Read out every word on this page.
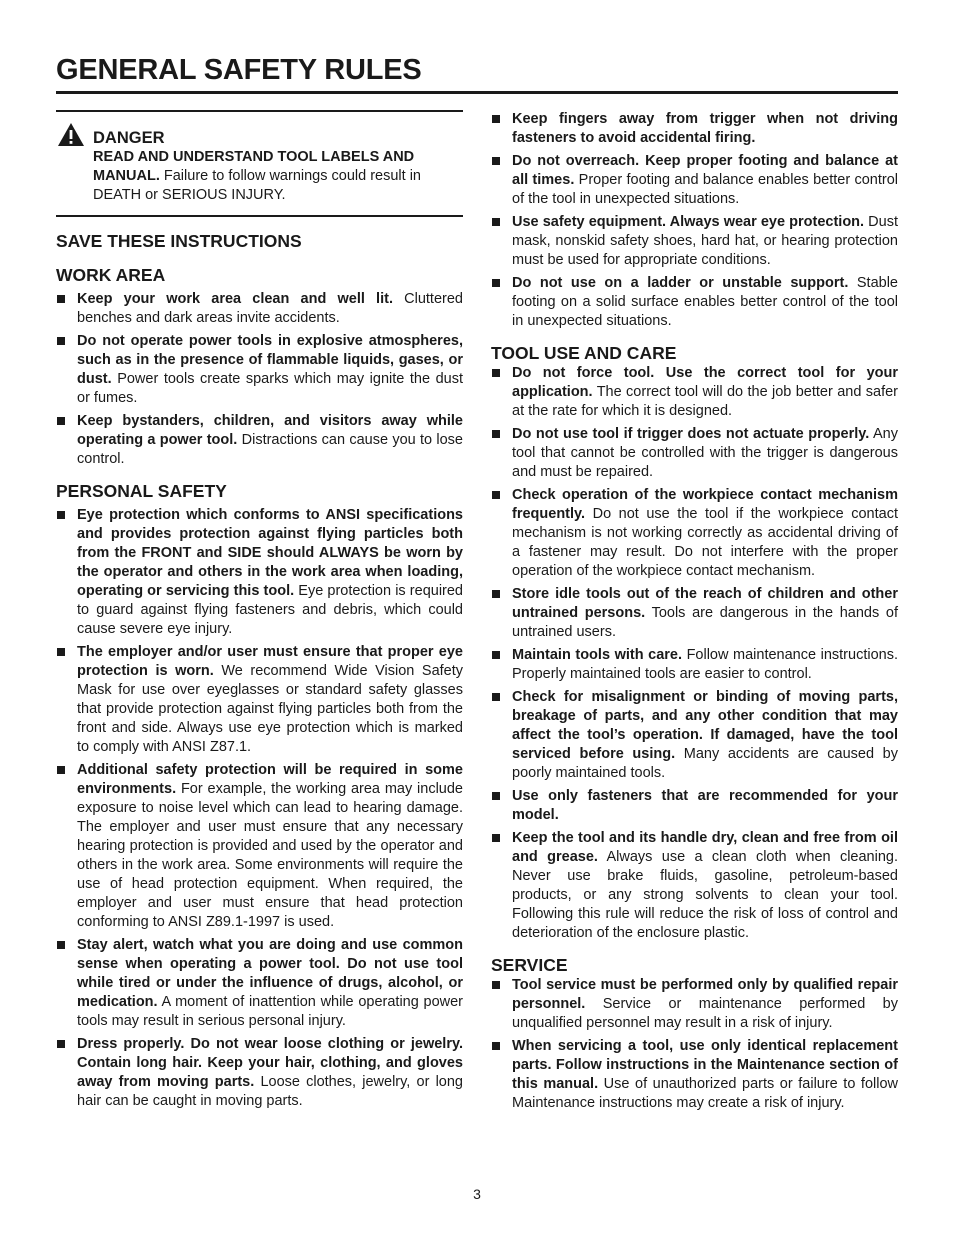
GENERAL SAFETY RULES
DANGER
READ AND UNDERSTAND TOOL LABELS AND MANUAL. Failure to follow warnings could result in DEATH or SERIOUS INJURY.
SAVE THESE INSTRUCTIONS
WORK AREA
Keep your work area clean and well lit. Cluttered benches and dark areas invite accidents.
Do not operate power tools in explosive atmospheres, such as in the presence of flammable liquids, gases, or dust. Power tools create sparks which may ignite the dust or fumes.
Keep bystanders, children, and visitors away while operating a power tool. Distractions can cause you to lose control.
PERSONAL SAFETY
Eye protection which conforms to ANSI specifications and provides protection against flying particles both from the FRONT and SIDE should ALWAYS be worn by the operator and others in the work area when loading, operating or servicing this tool. Eye protection is required to guard against flying fasteners and debris, which could cause severe eye injury.
The employer and/or user must ensure that proper eye protection is worn. We recommend Wide Vision Safety Mask for use over eyeglasses or standard safety glasses that provide protection against flying particles both from the front and side. Always use eye protection which is marked to comply with ANSI Z87.1.
Additional safety protection will be required in some environments. For example, the working area may include exposure to noise level which can lead to hearing damage. The employer and user must ensure that any necessary hearing protection is provided and used by the operator and others in the work area. Some environments will require the use of head protection equipment. When required, the employer and user must ensure that head protection conforming to ANSI Z89.1-1997 is used.
Stay alert, watch what you are doing and use common sense when operating a power tool. Do not use tool while tired or under the influence of drugs, alcohol, or medication. A moment of inattention while operating power tools may result in serious personal injury.
Dress properly. Do not wear loose clothing or jewelry. Contain long hair. Keep your hair, clothing, and gloves away from moving parts. Loose clothes, jewelry, or long hair can be caught in moving parts.
Keep fingers away from trigger when not driving fasteners to avoid accidental firing.
Do not overreach. Keep proper footing and balance at all times. Proper footing and balance enables better control of the tool in unexpected situations.
Use safety equipment. Always wear eye protection. Dust mask, nonskid safety shoes, hard hat, or hearing protection must be used for appropriate conditions.
Do not use on a ladder or unstable support. Stable footing on a solid surface enables better control of the tool in unexpected situations.
TOOL USE AND CARE
Do not force tool. Use the correct tool for your application. The correct tool will do the job better and safer at the rate for which it is designed.
Do not use tool if trigger does not actuate properly. Any tool that cannot be controlled with the trigger is dangerous and must be repaired.
Check operation of the workpiece contact mechanism frequently. Do not use the tool if the workpiece contact mechanism is not working correctly as accidental driving of a fastener may result. Do not interfere with the proper operation of the workpiece contact mechanism.
Store idle tools out of the reach of children and other untrained persons. Tools are dangerous in the hands of untrained users.
Maintain tools with care. Follow maintenance instructions. Properly maintained tools are easier to control.
Check for misalignment or binding of moving parts, breakage of parts, and any other condition that may affect the tool’s operation. If damaged, have the tool serviced before using. Many accidents are caused by poorly maintained tools.
Use only fasteners that are recommended for your model.
Keep the tool and its handle dry, clean and free from oil and grease. Always use a clean cloth when cleaning. Never use brake fluids, gasoline, petroleum-based products, or any strong solvents to clean your tool. Following this rule will reduce the risk of loss of control and deterioration of the enclosure plastic.
SERVICE
Tool service must be performed only by qualified repair personnel. Service or maintenance performed by unqualified personnel may result in a risk of injury.
When servicing a tool, use only identical replacement parts. Follow instructions in the Maintenance section of this manual. Use of unauthorized parts or failure to follow Maintenance instructions may create a risk of injury.
3
